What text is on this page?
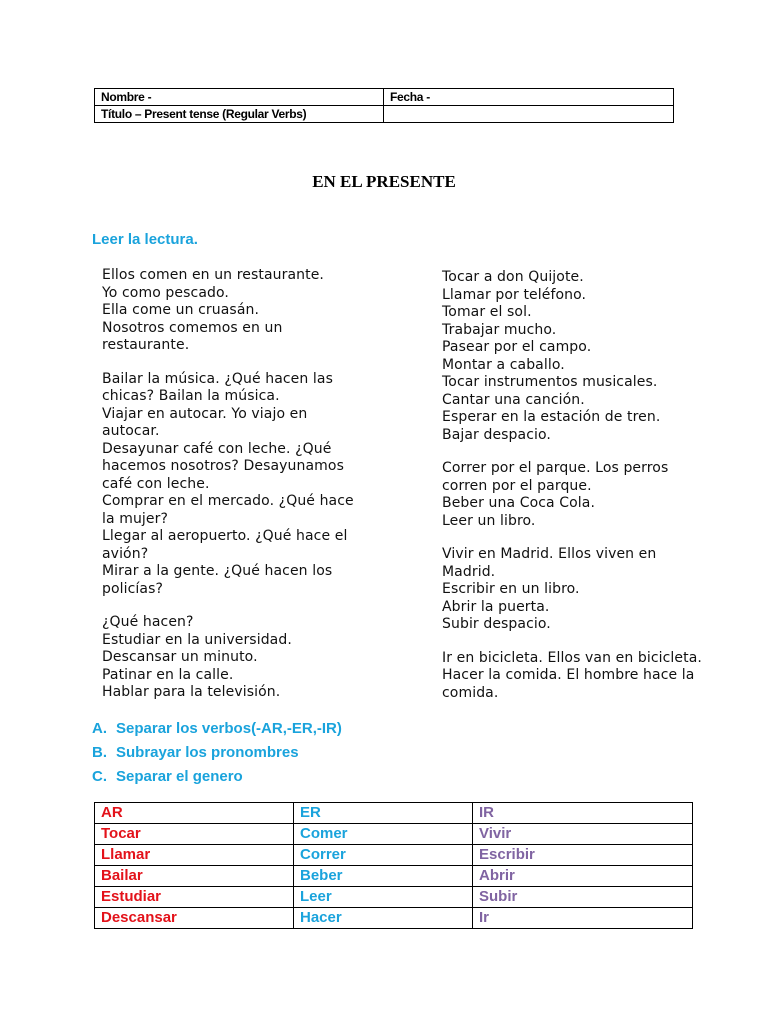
Nombre -	Fecha -
Título – Present tense (Regular Verbs)	
EN EL PRESENTE
Leer la lectura.
Ellos comen en un restaurante.
Yo como pescado.
Ella come un cruasán.
Nosotros comemos en un
restaurante.
Bailar la música. ¿Qué hacen las
chicas? Bailan la música.
Viajar en autocar. Yo viajo en
autocar.
Desayunar café con leche. ¿Qué
hacemos nosotros? Desayunamos
café con leche.
Comprar en el mercado. ¿Qué hace
la mujer?
Llegar al aeropuerto. ¿Qué hace el
avión?
Mirar a la gente. ¿Qué hacen los
policías?
¿Qué hacen?
Estudiar en la universidad.
Descansar un minuto.
Patinar en la calle.
Hablar para la televisión.
Tocar a don Quijote.
Llamar por teléfono.
Tomar el sol.
Trabajar mucho.
Pasear por el campo.
Montar a caballo.
Tocar instrumentos musicales.
Cantar una canción.
Esperar en la estación de tren.
Bajar despacio.
Correr por el parque. Los perros
corren por el parque.
Beber una Coca Cola.
Leer un libro.
Vivir en Madrid. Ellos viven en
Madrid.
Escribir en un libro.
Abrir la puerta.
Subir despacio.
Ir en bicicleta. Ellos van en bicicleta.
Hacer la comida. El hombre hace la
comida.
A. Separar los verbos(-AR,-ER,-IR)
B. Subrayar los pronombres
C. Separar el genero
AR	ER	IR
Tocar	Comer	Vivir
Llamar	Correr	Escribir
Bailar	Beber	Abrir
Estudiar	Leer	Subir
Descansar	Hacer	Ir
